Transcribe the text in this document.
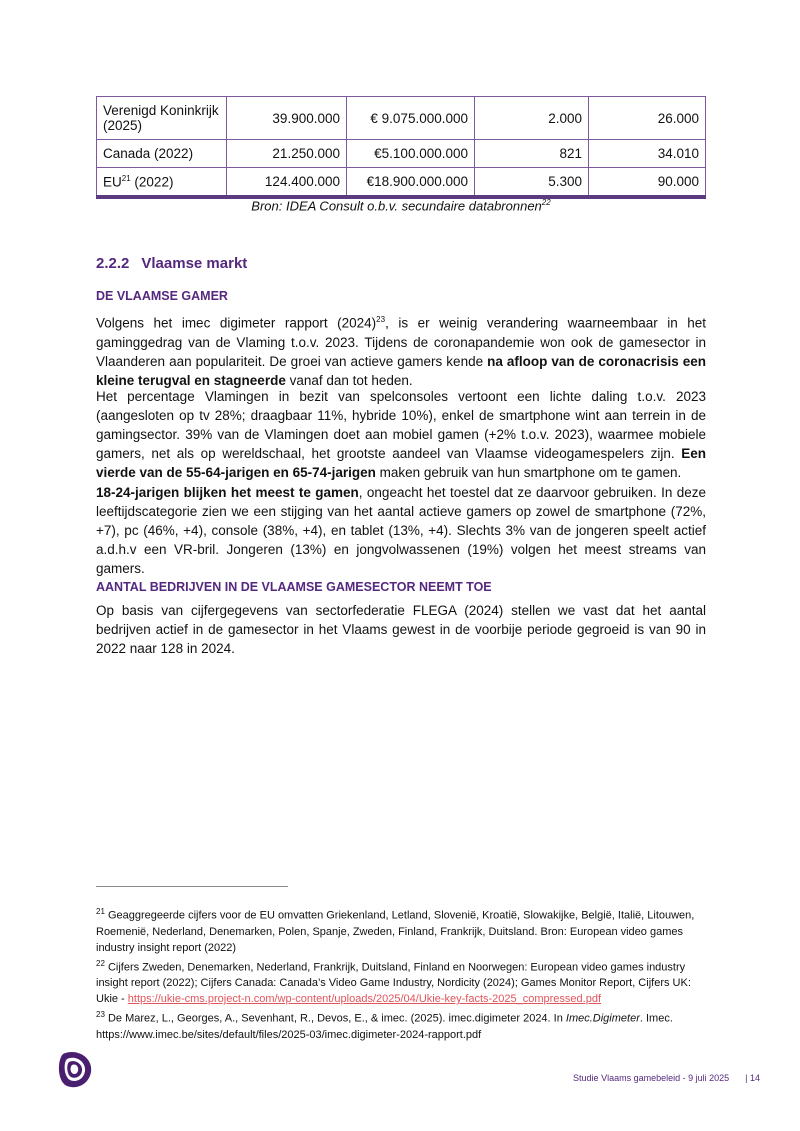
Verenigd Koninkrijk (2025)	39.900.000	€ 9.075.000.000	2.000	26.000
Canada (2022)	21.250.000	€5.100.000.000	821	34.010
EU$^{21}$ (2022)	124.400.000	€18.900.000.000	5.300	90.000
Bron: IDEA Consult o.b.v. secundaire databronnen$^{22}$
2.2.2 Vlaamse markt
DE VLAAMSE GAMER

Volgens het imec digimeter rapport $(2024)^{23}$, is er weinig verandering waarneembaar in het gaminggedrag van de Vlaming t.o.v. 2023. Tijdens de coronapandemie won ook de gamesector in Vlaanderen aan populariteit. De groei van actieve gamers kende na afloop van de coronacrisis een kleine terugval en stagneerde vanaf dan tot heden.

Het percentage Vlamingen in bezit van spelconsoles vertoont een lichte daling t.o.v. 2023 (aangesloten op tv 28%; draagbaar 11%, hybride 10%), enkel de smartphone wint aan terrein in de gamingsector. 39% van de Vlamingen doet aan mobiel gamen (+2% t.o.v. 2023), waarmee mobiele gamers, net als op wereldschaal, het grootste aandeel van Vlaamse videogamespelers zijn. Een vierde van de 55-64-jarigen en 65-74-jarigen maken gebruik van hun smartphone om te gamen.

18-24-jarigen blijken het meest te gamen, ongeacht het toestel dat ze daarvoor gebruiken. In deze leeftijdscategorie zien we een stijging van het aantal actieve gamers op zowel de smartphone (72%, +7), pc (46%, +4), console (38%, +4), en tablet (13%, +4). Slechts 3% van de jongeren speelt actief a.d.h.v een VR-bril. Jongeren (13%) en jongvolwassenen (19%) volgen het meest streams van gamers.

AANTAL BEDRIJVEN IN DE VLAAMSE GAMESECTOR NEEMT TOE

Op basis van cijfergegevens van sectorfederatie FLEGA (2024) stellen we vast dat het aantal bedrijven actief in de gamesector in het Vlaams gewest in de voorbije periode gegroeid is van 90 in 2022 naar 128 in 2024.

$^{21}$ Geaggregeerde cijfers voor de EU omvatten Griekenland, Letland, Slovenië, Kroatië, Slowakijke, België, Italië, Litouwen, Roemenië, Nederland, Denemarken, Polen, Spanje, Zweden, Finland, Frankrijk, Duitsland. Bron: European video games industry insight report (2022)

$^{22}$ Cijfers Zweden, Denemarken, Nederland, Frankrijk, Duitsland, Finland en Noorwegen: European video games industry insight report (2022); Cijfers Canada: Canada’s Video Game Industry, Nordicity (2024); Games Monitor Report, Cijfers UK: Ukie - https://ukie-cms.project-n.com/wp-content/uploads/2025/04/Ukie-key-facts-2025_compressed.pdf

$^{23}$ De Marez, L., Georges, A., Sevenhant, R., Devos, E., & imec. (2025). imec.digimeter 2024. In Imec.Digimeter. Imec. https://www.imec.be/sites/default/files/2025-03/imec.digimeter-2024-rapport.pdf

Studie Vlaams gamebeleid - 9 juli 2025 | 14
